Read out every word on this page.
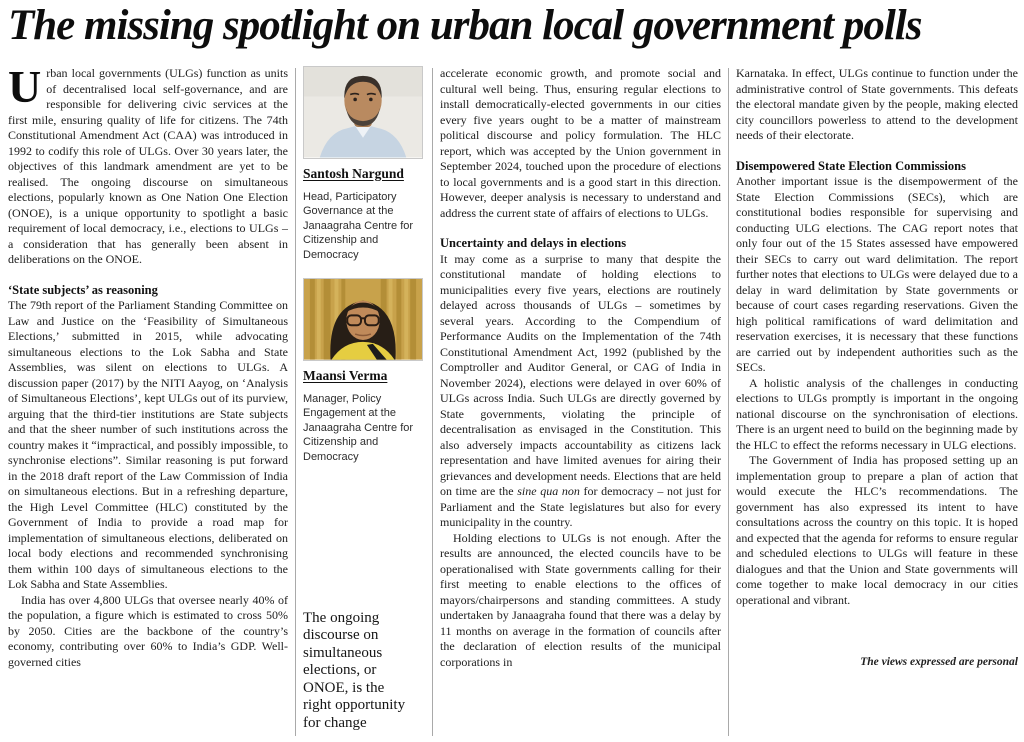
The missing spotlight on urban local government polls

Urban local governments (ULGs) function as units of decentralised local self-governance, and are responsible for delivering civic services at the first mile, ensuring quality of life for citizens. The 74th Constitutional Amendment Act (CAA) was introduced in 1992 to codify this role of ULGs. Over 30 years later, the objectives of this landmark amendment are yet to be realised. The ongoing discourse on simultaneous elections, popularly known as One Nation One Election (ONOE), is a unique opportunity to spotlight a basic requirement of local democracy, i.e., elections to ULGs – a consideration that has generally been absent in deliberations on the ONOE.

‘State subjects’ as reasoning

The 79th report of the Parliament Standing Committee on Law and Justice on the ‘Feasibility of Simultaneous Elections,’ submitted in 2015, while advocating simultaneous elections to the Lok Sabha and State Assemblies, was silent on elections to ULGs. A discussion paper (2017) by the NITI Aayog, on ‘Analysis of Simultaneous Elections’, kept ULGs out of its purview, arguing that the third-tier institutions are State subjects and that the sheer number of such institutions across the country makes it “impractical, and possibly impossible, to synchronise elections”. Similar reasoning is put forward in the 2018 draft report of the Law Commission of India on simultaneous elections. But in a refreshing departure, the High Level Committee (HLC) constituted by the Government of India to provide a road map for implementation of simultaneous elections, deliberated on local body elections and recommended synchronising them within 100 days of simultaneous elections to the Lok Sabha and State Assemblies.

India has over 4,800 ULGs that oversee nearly 40% of the population, a figure which is estimated to cross 50% by 2050. Cities are the backbone of the country’s economy, contributing over 60% to India’s GDP. Well-governed cities

Santosh Nargund
Head, Participatory Governance at the Janaagraha Centre for Citizenship and Democracy
Maansi Verma
Manager, Policy Engagement at the Janaagraha Centre for Citizenship and Democracy
The ongoing discourse on simultaneous elections, or ONOE, is the right opportunity for change

accelerate economic growth, and promote social and cultural well being. Thus, ensuring regular elections to install democratically-elected governments in our cities every five years ought to be a matter of mainstream political discourse and policy formulation. The HLC report, which was accepted by the Union government in September 2024, touched upon the procedure of elections to local governments and is a good start in this direction. However, deeper analysis is necessary to understand and address the current state of affairs of elections to ULGs.

Uncertainty and delays in elections

It may come as a surprise to many that despite the constitutional mandate of holding elections to municipalities every five years, elections are routinely delayed across thousands of ULGs – sometimes by several years. According to the Compendium of Performance Audits on the Implementation of the 74th Constitutional Amendment Act, 1992 (published by the Comptroller and Auditor General, or CAG of India in November 2024), elections were delayed in over 60% of ULGs across India. Such ULGs are directly governed by State governments, violating the principle of decentralisation as envisaged in the Constitution. This also adversely impacts accountability as citizens lack representation and have limited avenues for airing their grievances and development needs. Elections that are held on time are the sine qua non for democracy – not just for Parliament and the State legislatures but also for every municipality in the country.

Holding elections to ULGs is not enough. After the results are announced, the elected councils have to be operationalised with State governments calling for their first meeting to enable elections to the offices of mayors/chairpersons and standing committees. A study undertaken by Janaagraha found that there was a delay by 11 months on average in the formation of councils after the declaration of election results of the municipal corporations in

Karnataka. In effect, ULGs continue to function under the administrative control of State governments. This defeats the electoral mandate given by the people, making elected city councillors powerless to attend to the development needs of their electorate.

Disempowered State Election Commissions

Another important issue is the disempowerment of the State Election Commissions (SECs), which are constitutional bodies responsible for supervising and conducting ULG elections. The CAG report notes that only four out of the 15 States assessed have empowered their SECs to carry out ward delimitation. The report further notes that elections to ULGs were delayed due to a delay in ward delimitation by State governments or because of court cases regarding reservations. Given the high political ramifications of ward delimitation and reservation exercises, it is necessary that these functions are carried out by independent authorities such as the SECs.

A holistic analysis of the challenges in conducting elections to ULGs promptly is important in the ongoing national discourse on the synchronisation of elections. There is an urgent need to build on the beginning made by the HLC to effect the reforms necessary in ULG elections.

The Government of India has proposed setting up an implementation group to prepare a plan of action that would execute the HLC’s recommendations. The government has also expressed its intent to have consultations across the country on this topic. It is hoped and expected that the agenda for reforms to ensure regular and scheduled elections to ULGs will feature in these dialogues and that the Union and State governments will come together to make local democracy in our cities operational and vibrant.

The views expressed are personal
